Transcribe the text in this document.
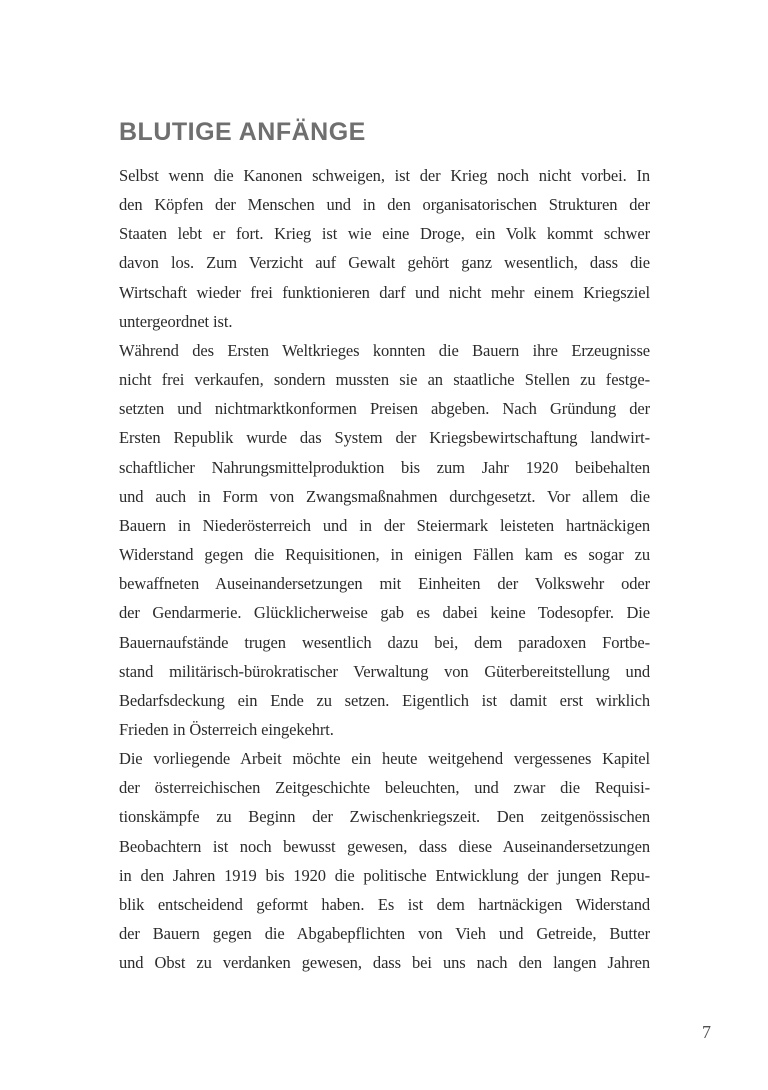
BLUTIGE ANFÄNGE

Selbst wenn die Kanonen schweigen, ist der Krieg noch nicht vorbei. In
den Köpfen der Menschen und in den organisatorischen Strukturen der
Staaten lebt er fort. Krieg ist wie eine Droge, ein Volk kommt schwer
davon los. Zum Verzicht auf Gewalt gehört ganz wesentlich, dass die
Wirtschaft wieder frei funktionieren darf und nicht mehr einem Kriegsziel
untergeordnet ist.

Während des Ersten Weltkrieges konnten die Bauern ihre Erzeugnisse
nicht frei verkaufen, sondern mussten sie an staatliche Stellen zu festge-
setzten und nichtmarktkonformen Preisen abgeben. Nach Gründung der
Ersten Republik wurde das System der Kriegsbewirtschaftung landwirt-
schaftlicher Nahrungsmittelproduktion bis zum Jahr 1920 beibehalten
und auch in Form von Zwangsmaßnahmen durchgesetzt. Vor allem die
Bauern in Niederösterreich und in der Steiermark leisteten hartnäckigen
Widerstand gegen die Requisitionen, in einigen Fällen kam es sogar zu
bewaffneten Auseinandersetzungen mit Einheiten der Volkswehr oder
der Gendarmerie. Glücklicherweise gab es dabei keine Todesopfer. Die
Bauernaufstände trugen wesentlich dazu bei, dem paradoxen Fortbe-
stand militärisch-bürokratischer Verwaltung von Güterbereitstellung und
Bedarfsdeckung ein Ende zu setzen. Eigentlich ist damit erst wirklich
Frieden in Österreich eingekehrt.

Die vorliegende Arbeit möchte ein heute weitgehend vergessenes Kapitel
der österreichischen Zeitgeschichte beleuchten, und zwar die Requisi-
tionskämpfe zu Beginn der Zwischenkriegszeit. Den zeitgenössischen
Beobachtern ist noch bewusst gewesen, dass diese Auseinandersetzungen
in den Jahren 1919 bis 1920 die politische Entwicklung der jungen Repu-
blik entscheidend geformt haben. Es ist dem hartnäckigen Widerstand
der Bauern gegen die Abgabepflichten von Vieh und Getreide, Butter
und Obst zu verdanken gewesen, dass bei uns nach den langen Jahren

7
